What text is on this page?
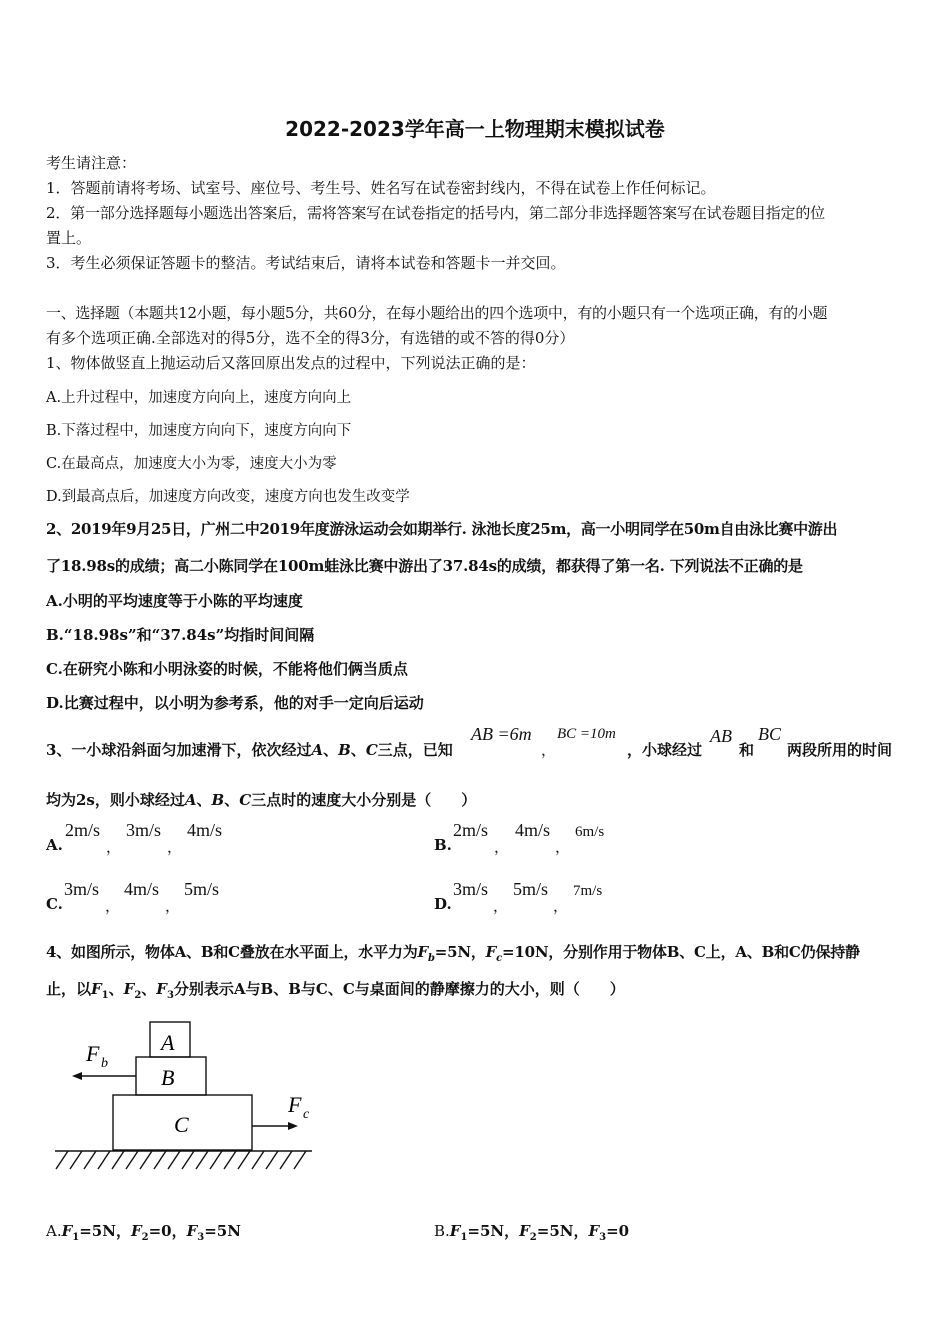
2022-2023学年高一上物理期末模拟试卷
考生请注意：
1．答题前请将考场、试室号、座位号、考生号、姓名写在试卷密封线内，不得在试卷上作任何标记。
2．第一部分选择题每小题选出答案后，需将答案写在试卷指定的括号内，第二部分非选择题答案写在试卷题目指定的位
置上。
3．考生必须保证答题卡的整洁。考试结束后，请将本试卷和答题卡一并交回。
一、选择题（本题共12小题，每小题5分，共60分，在每小题给出的四个选项中，有的小题只有一个选项正确，有的小题
有多个选项正确.全部选对的得5分，选不全的得3分，有选错的或不答的得0分）
1、物体做竖直上抛运动后又落回原出发点的过程中，下列说法正确的是：
A.上升过程中，加速度方向向上，速度方向向上
B.下落过程中，加速度方向向下，速度方向向下
C.在最高点，加速度大小为零，速度大小为零
D.到最高点后，加速度方向改变，速度方向也发生改变学
2、2019年9月25日，广州二中2019年度游泳运动会如期举行. 泳池长度25m，高一小明同学在50m自由泳比赛中游出
了18.98s的成绩；高二小陈同学在100m蛙泳比赛中游出了37.84s的成绩，都获得了第一名. 下列说法不正确的是
A.小明的平均速度等于小陈的平均速度
B.“18.98s”和“37.84s”均指时间间隔
C.在研究小陈和小明泳姿的时候，不能将他们俩当质点
D.比赛过程中，以小明为参考系，他的对手一定向后运动
3、一小球沿斜面匀加速滑下，依次经过A、B、C三点，已知
AB =6m
，
BC =10m
，小球经过
AB
和
BC
两段所用的时间
均为2s，则小球经过A、B、C三点时的速度大小分别是（　　）
A.
2m/s
，
3m/s
，
4m/s
B.
2m/s
，
4m/s
，
6m/s
C.
3m/s
，
4m/s
，
5m/s
D.
3m/s
，
5m/s
，
7m/s
4、如图所示，物体A、B和C叠放在水平面上，水平力为$F_b=5N$，$F_c=10N$，分别作用于物体B、C上，A、B和C仍保持静
止，以$F_1$、$F_2$、$F_3$分别表示A与B、B与C、C与桌面间的静摩擦力的大小，则（　　）
A
B
C
F b
F c
$A.F_1=5N$，$F_2=0$，$F_3=5N$	$B.F_1=5N$，$F_2=5N$，$F_3=0$
